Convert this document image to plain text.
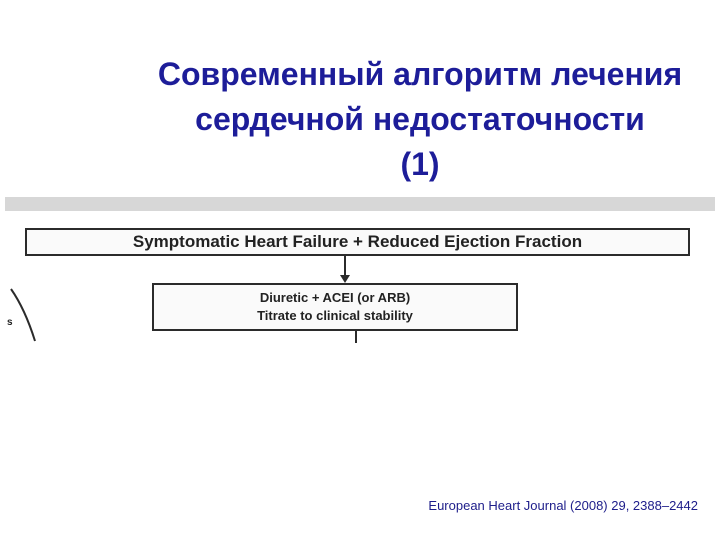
Современный алгоритм лечения
сердечной недостаточности
(1)
Symptomatic Heart Failure + Reduced Ejection Fraction
Diuretic + ACEI (or ARB)
Titrate to clinical stability
s
European Heart Journal (2008) 29, 2388–2442
